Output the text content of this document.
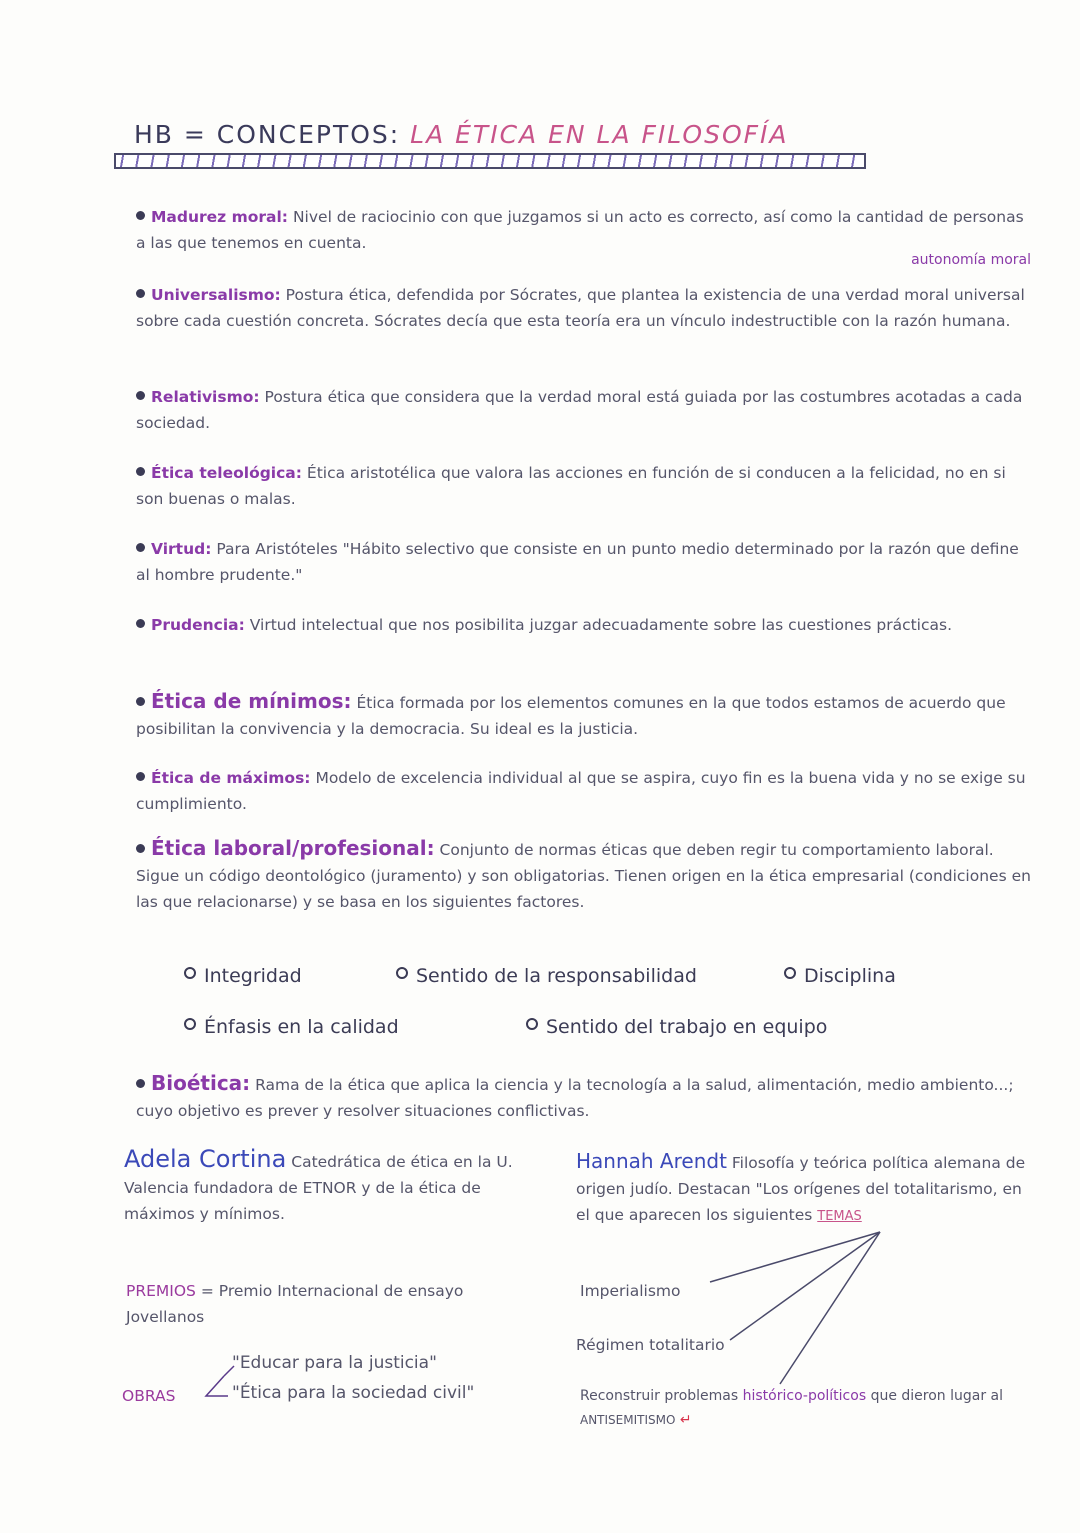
HB = CONCEPTOS: LA ÉTICA EN LA FILOSOFÍA
Madurez moral: Nivel de raciocinio con que juzgamos si un acto es correcto, así como la cantidad de personas a las que tenemos en cuenta.
autonomía moral
Universalismo: Postura ética, defendida por Sócrates, que plantea la existencia de una verdad moral universal sobre cada cuestión concreta. Sócrates decía que esta teoría era un vínculo indestructible con la razón humana.
Relativismo: Postura ética que considera que la verdad moral está guiada por las costumbres acotadas a cada sociedad.
Ética teleológica: Ética aristotélica que valora las acciones en función de si conducen a la felicidad, no en si son buenas o malas.
Virtud: Para Aristóteles "Hábito selectivo que consiste en un punto medio determinado por la razón que define al hombre prudente."
Prudencia: Virtud intelectual que nos posibilita juzgar adecuadamente sobre las cuestiones prácticas.
Ética de mínimos: Ética formada por los elementos comunes en la que todos estamos de acuerdo que posibilitan la convivencia y la democracia. Su ideal es la justicia.
Ética de máximos: Modelo de excelencia individual al que se aspira, cuyo fin es la buena vida y no se exige su cumplimiento.
Ética laboral/profesional: Conjunto de normas éticas que deben regir tu comportamiento laboral. Sigue un código deontológico (juramento) y son obligatorias. Tienen origen en la ética empresarial (condiciones en las que relacionarse) y se basa en los siguientes factores.
Integridad	Sentido de la responsabilidad	Disciplina
Énfasis en la calidad	Sentido del trabajo en equipo
Bioética: Rama de la ética que aplica la ciencia y la tecnología a la salud, alimentación, medio ambiento...; cuyo objetivo es prever y resolver situaciones conflictivas.
Adela Cortina Catedrática de ética en la U. Valencia fundadora de ETNOR y de la ética de máximos y mínimos.
PREMIOS = Premio Internacional de ensayo Jovellanos
OBRAS
"Educar para la justicia"
"Ética para la sociedad civil"
Hannah Arendt Filosofía y teórica política alemana de origen judío. Destacan "Los orígenes del totalitarismo, en el que aparecen los siguientes TEMAS
Imperialismo
Régimen totalitario
Reconstruir problemas histórico-políticos que dieron lugar al ANTISEMITISMO ↵
